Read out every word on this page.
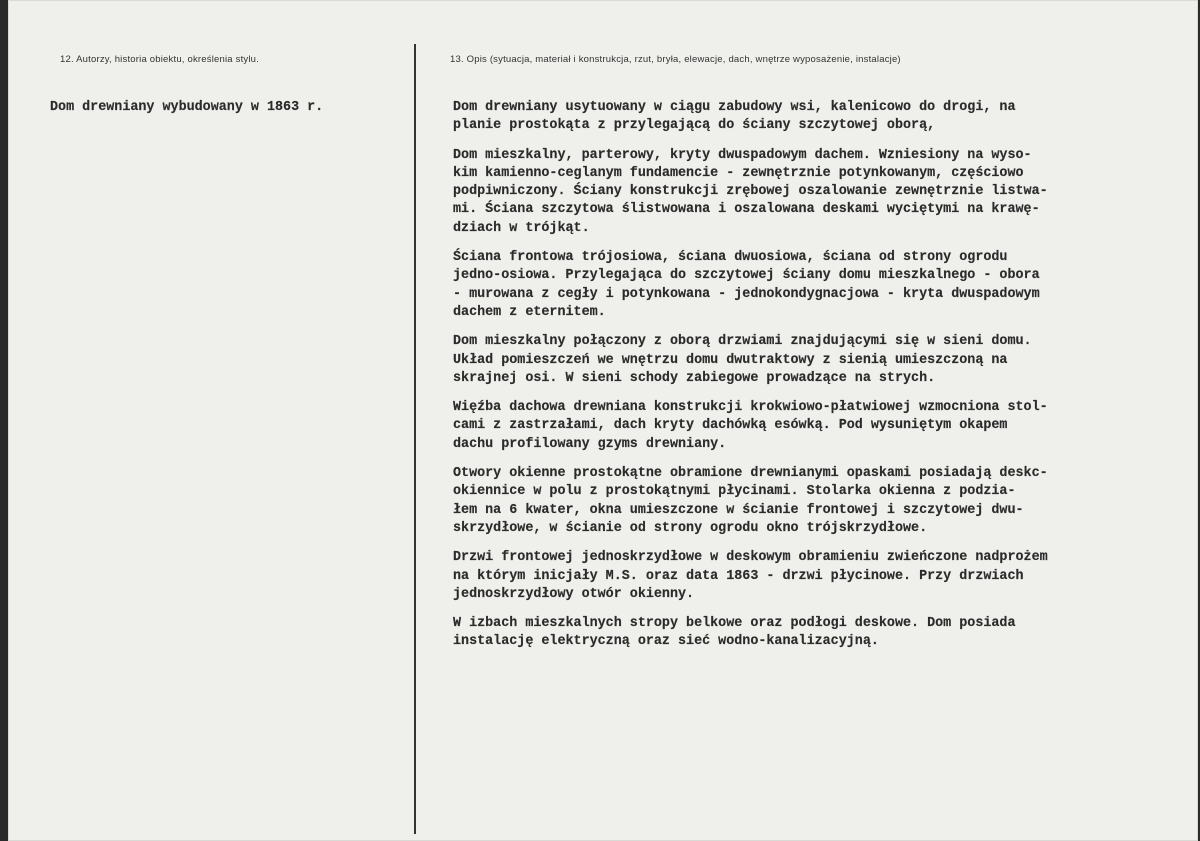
12. Autorzy, historia obiektu, określenia stylu.	13. Opis (sytuacja, materiał i konstrukcja, rzut, bryła, elewacje, dach, wnętrze wyposażenie, instalacje)
Dom drewniany wybudowany w 1863 r.	Dom drewniany usytuowany w ciągu zabudowy wsi, kalenicowo do drogi, na
planie prostokąta z przylegającą do ściany szczytowej oborą,

Dom mieszkalny, parterowy, kryty dwuspadowym dachem. Wzniesiony na wyso-
kim kamienno-ceglanym fundamencie - zewnętrznie potynkowanym, częściowo
podpiwniczony. Ściany konstrukcji zrębowej oszalowanie zewnętrznie listwa-
mi. Ściana szczytowa ślistwowana i oszalowana deskami wyciętymi na krawę-
dziach w trójkąt.

Ściana frontowa trójosiowa, ściana dwuosiowa, ściana od strony ogrodu
jedno-osiowa. Przylegająca do szczytowej ściany domu mieszkalnego - obora
- murowana z cegły i potynkowana - jednokondygnacjowa - kryta dwuspadowym
dachem z eternitem.

Dom mieszkalny połączony z oborą drzwiami znajdującymi się w sieni domu.
Układ pomieszczeń we wnętrzu domu dwutraktowy z sienią umieszczoną na
skrajnej osi. W sieni schody zabiegowe prowadzące na strych.

Więźba dachowa drewniana konstrukcji krokwiowo-płatwiowej wzmocniona stol-
cami z zastrzałami, dach kryty dachówką esówką. Pod wysuniętym okapem
dachu profilowany gzyms drewniany.

Otwory okienne prostokątne obramione drewnianymi opaskami posiadają deskc-
okiennice w polu z prostokątnymi płycinami. Stolarka okienna z podzia-
łem na 6 kwater, okna umieszczone w ścianie frontowej i szczytowej dwu-
skrzydłowe, w ścianie od strony ogrodu okno trójskrzydłowe.

Drzwi frontowej jednoskrzydłowe w deskowym obramieniu zwieńczone nadprożem
na którym inicjały M.S. oraz data 1863 - drzwi płycinowe. Przy drzwiach
jednoskrzydłowy otwór okienny.

W izbach mieszkalnych stropy belkowe oraz podłogi deskowe. Dom posiada
instalację elektryczną oraz sieć wodno-kanalizacyjną.
